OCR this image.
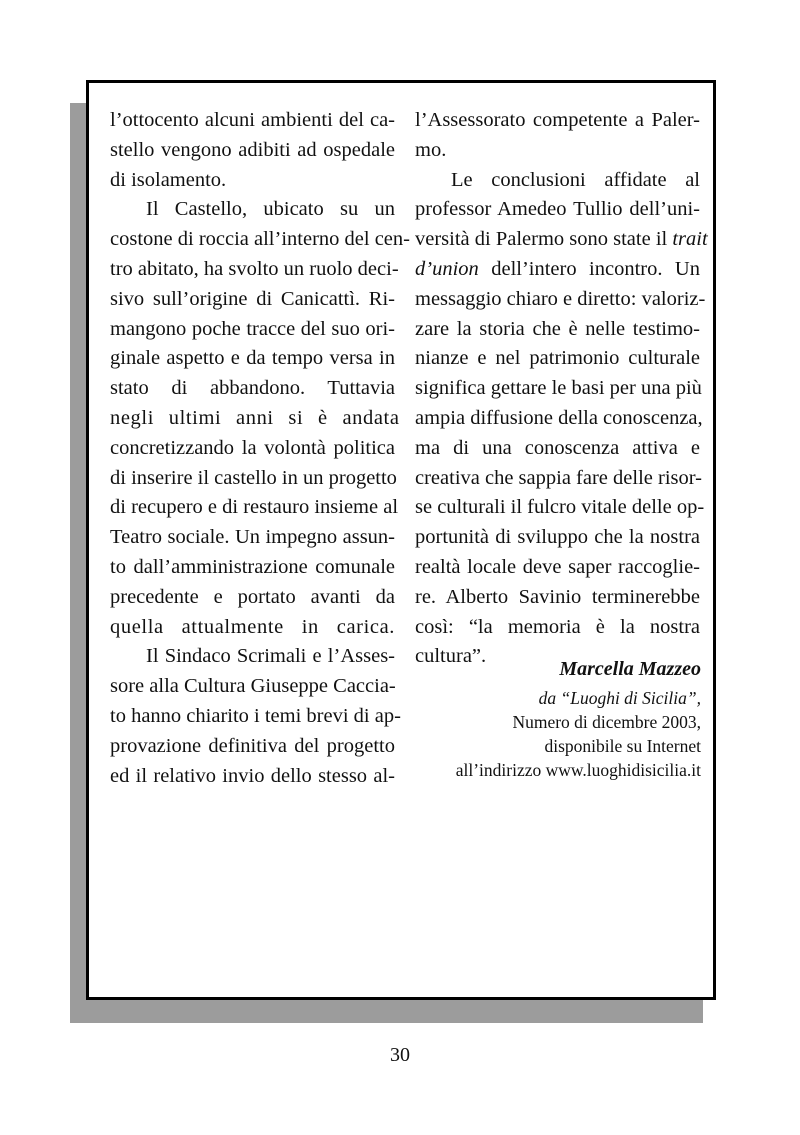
l’ottocento alcuni ambienti del ca-
stello vengono adibiti ad ospedale
di isolamento.

Il Castello, ubicato su un
costone di roccia all’interno del cen-
tro abitato, ha svolto un ruolo deci-
sivo sull’origine di Canicattì. Ri-
mangono poche tracce del suo ori-
ginale aspetto e da tempo versa in
stato di abbandono. Tuttavia
negli ultimi anni si è andata
concretizzando la volontà politica
di inserire il castello in un progetto
di recupero e di restauro insieme al
Teatro sociale. Un impegno assun-
to dall’amministrazione comunale
precedente e portato avanti da
quella attualmente in carica.

Il Sindaco Scrimali e l’Asses-
sore alla Cultura Giuseppe Caccia-
to hanno chiarito i temi brevi di ap-
provazione definitiva del progetto
ed il relativo invio dello stesso al-

l’Assessorato competente a Paler-
mo.

Le conclusioni affidate al
professor Amedeo Tullio dell’uni-
versità di Palermo sono state il trait
d’union dell’intero incontro. Un
messaggio chiaro e diretto: valoriz-
zare la storia che è nelle testimo-
nianze e nel patrimonio culturale
significa gettare le basi per una più
ampia diffusione della conoscenza,
ma di una conoscenza attiva e
creativa che sappia fare delle risor-
se culturali il fulcro vitale delle op-
portunità di sviluppo che la nostra
realtà locale deve saper raccoglie-
re. Alberto Savinio terminerebbe
così: “la memoria è la nostra
cultura”.

Marcella Mazzeo
da “Luoghi di Sicilia”,
Numero di dicembre 2003,
disponibile su Internet
all’indirizzo www.luoghidisicilia.it
30
